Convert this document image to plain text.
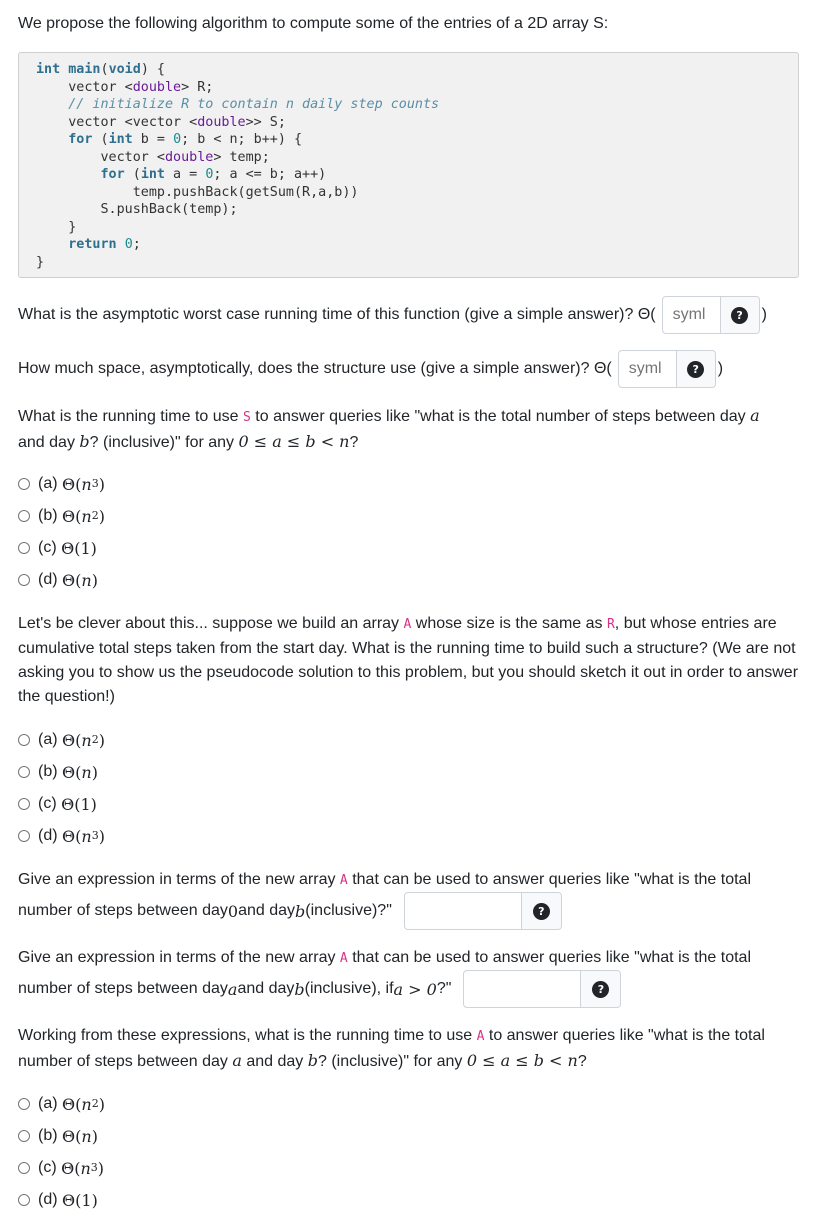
We propose the following algorithm to compute some of the entries of a 2D array S:

int main(void) {
vector <double> R;
// initialize R to contain n daily step counts
vector <vector <double>> S;
for (int b = 0; b < n; b++) {
vector <double> temp;
for (int a = 0; a <= b; a++)
temp.pushBack(getSum(R,a,b))
S.pushBack(temp);
}
return 0;
}
What is the asymptotic worst case running time of this function (give a simple answer)? Θ(
syml	?	)
How much space, asymptotically, does the structure use (give a simple answer)? Θ(
syml	?	)

What is the running time to use S to answer queries like "what is the total number of steps between day a
and day b? (inclusive)" for any 0 ≤ a ≤ b < n?

(a)
Θ ( n 3 )
(b)
Θ ( n 2 )
(c)
Θ ( 1 )
(d)
Θ ( n )

Let's be clever about this... suppose we build an array A whose size is the same as R, but whose entries are cumulative total steps taken from the start day. What is the running time to build such a structure? (We are not asking you to show us the pseudocode solution to this problem, but you should sketch it out in order to answer the question!)

(a)
Θ ( n 2 )
(b)
Θ ( n )
(c)
Θ ( 1 )
(d)
Θ ( n 3 )

Give an expression in terms of the new array A that can be used to answer queries like "what is the total

number of steps between day 0 and day b (inclusive)?"	?

Give an expression in terms of the new array A that can be used to answer queries like "what is the total

number of steps between day a and day b (inclusive), if a > 0 ?"	?

Working from these expressions, what is the running time to use A to answer queries like "what is the total number of steps between day a and day b? (inclusive)" for any 0 ≤ a ≤ b < n?

(a)
Θ ( n 2 )
(b)
Θ ( n )
(c)
Θ ( n 3 )
(d)
Θ ( 1 )
